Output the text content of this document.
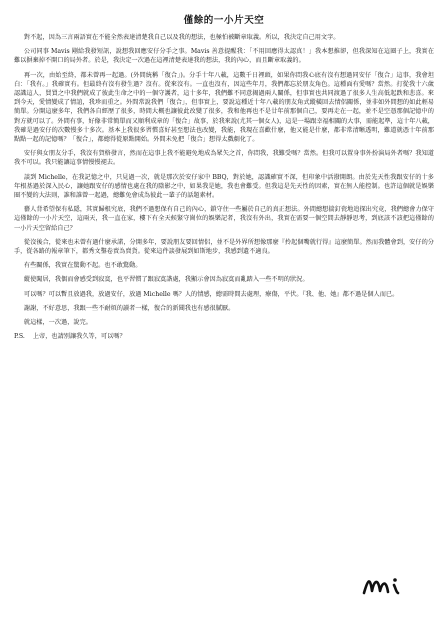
僅餘的一小片天空

對不起，因為三言兩語實在不能全然表達清楚我自己以及我的想法，也極怕被斷章取義。所以，我決定自己用文字。

公司同事 Mavis 剛給我發短訊，說想我回應安仔分手之事。Mavis 善意提醒我：「不用回應得太認真！」我本想推卻，但我深知在這圈子上，我實在難以摒棄掉不開口的局外者。於是，我決定一次過在這裡清楚表達我的想法，我的內心，而且斷章取義的。

再一次，由始至終，都未曾再一起過。(外間統稱「復合」)。分手十年八載，這數千日裡頭，如果你問我心底有沒有想過同安仔「復合」這事，我會坦白：「我有。」我確實有。但最終有沒有發生過？沒有。從來沒有。一直也沒有，因這些年月，我們都忘於朋友角色。這種面有愛嗎？當然。打從我十六歲認識這人，買買之中我們就成了彼此生命之中的一個守護者，這十多年，我們難不同意揭過兩人關係，但事實也共同渡過了很多人生高低起跌和悲喜。來到今天，愛情變成了情誼，我珍而重之。外間常說我們「復合」，但事實上，要說這種近十年八載的朋友角式縱橫回去情侶關係，並非如外間想的如此輕易簡單。分開這麼多年，我們各自經歷了很多，時間大概也讓彼此改變了很多，我和他再也不是廿年前那個自己，要再走在一起，並不是空憑那個記憶中的對方就可以了。外間有事，好像非常簡單而又順利成章的「復合」故事，於我來說(尤其一個女人)，這是一場跟幸福相關的大事，需能起準，這十年八載，我確是過安仔的次數慢多十多次。基本上我很多習慣喜好甚至想法也改變，我能，我現在喜歡什麼，他又能是什麼，都非常清晰透明，難道就憑十年前那點點一起的記憶嗎？「復合」，都總得從原點開始。外間未免把「復合」想得太戲劇化了。

安仔與女朋友分手，我沒有賀格發言，然而在這事上我不能避免地成為眾矢之首，你問我，我難受嗎？當然。但我可以置身事外扮演局外者嗎？我知道我不可以。我只能讓這事情慢慢褪去。

談到 Michelle，在我記憶之中，只見過一次，就是那次於安仔家中 BBQ，對於她，認識確實不深，但印象中活潑開朗。由於先天性我跟安仔的十多年根基過於深入民心，讓她跟安仔的感情也處在我的陰影之中，如果我是她，我也會難受。但我這是先天性的因素，實在無人能控制。也許這個就是娛樂圈不變的大法則，誰和誰曾一起過，總難免會成為彼此一輩子的話題素材。

藝人背希望保有私隱，其實歸根究底，我們不過想保有自己的內心，鎖守住一些屬於自己的真正想法。外間總想揣釘瓷地追探出究竟，我們總會力保守這僅餘的一小片天空，這兩天，我一直在家，樓下有全天候緊守崗位的娛樂記者，我沒有外出，我實在需要一個空間去靜靜思考，到底該不該把這僅餘的一小片天空留給自己？

從沒後合，從來也未曾有過什麼承諾，分開多年，要說朋友要回情侶，並不是外界所想像那麼『拎起個嘴就行得』這麼簡單。然而我體會到，安仔的分手，從各路的報章筆下，都秀文鑿卷賣為賣貨。從來這件談發展到如斯地步，我感到遺不適良。

有些關係，我實在驚動不起。也不敢驚動。

縱使闖居，我偶而會感受到寂寞，也平習慣了跟寂寞諧處，我顯示會因為寂寞而亂踏入一些不明的狀況。

可以嗎？可以暫且放過我，放過安仔，放過 Michelle 嗎？人的情感，總需時間去處理，療傷，平伏。『我、他、她』都不過是個人而已。

謝謝，不好意思，我跟一些不耐煩的讀者一樣，復合的新聞我也有感很膩厭。

就這樣，一次過，說完。

P.S. 上帝，也請別讓我久等，可以嗎？
